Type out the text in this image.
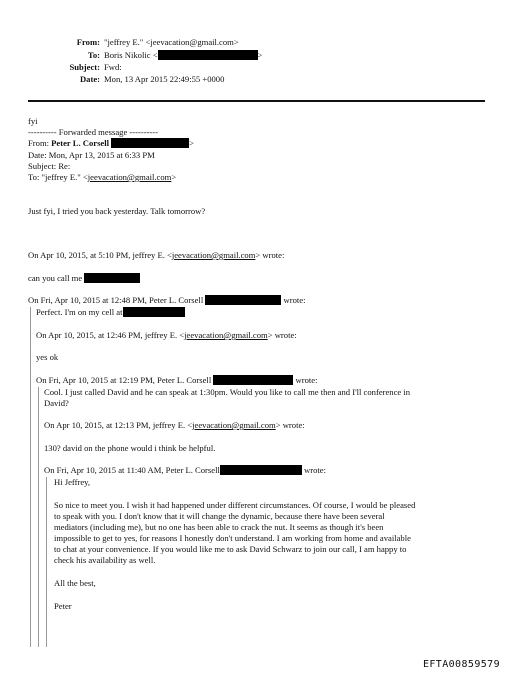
From: "jeffrey E." <jeevacation@gmail.com>
To: Boris Nikolic <	>
Subject: Fwd:
Date: Mon, 13 Apr 2015 22:49:55 +0000
fyi
---------- Forwarded message ----------
From: Peter L. Corsell	>
Date: Mon, Apr 13, 2015 at 6:33 PM
Subject: Re:
To: "jeffrey E." <jeevacation@gmail.com>
Just fyi, I tried you back yesterday. Talk tomorrow?
On Apr 10, 2015, at 5:10 PM, jeffrey E. <jeevacation@gmail.com> wrote:
can you call me
On Fri, Apr 10, 2015 at 12:48 PM, Peter L. Corsell	wrote:
Perfect. I'm on my cell at
On Apr 10, 2015, at 12:46 PM, jeffrey E. <jeevacation@gmail.com> wrote:
yes ok
On Fri, Apr 10, 2015 at 12:19 PM, Peter L. Corsell	wrote:
Cool. I just called David and he can speak at 1:30pm. Would you like to call me then and I'll conference in
David?
On Apr 10, 2015, at 12:13 PM, jeffrey E. <jeevacation@gmail.com> wrote:
130? david on the phone would i think be helpful.
On Fri, Apr 10, 2015 at 11:40 AM, Peter L. Corsell	wrote:
Hi Jeffrey,
So nice to meet you. I wish it had happened under different circumstances. Of course, I would be pleased
to speak with you. I don't know that it will change the dynamic, because there have been several
mediators (including me), but no one has been able to crack the nut. It seems as though it's been
impossible to get to yes, for reasons I honestly don't understand. I am working from home and available
to chat at your convenience. If you would like me to ask David Schwarz to join our call, I am happy to
check his availability as well.
All the best,
Peter
EFTA00859579
